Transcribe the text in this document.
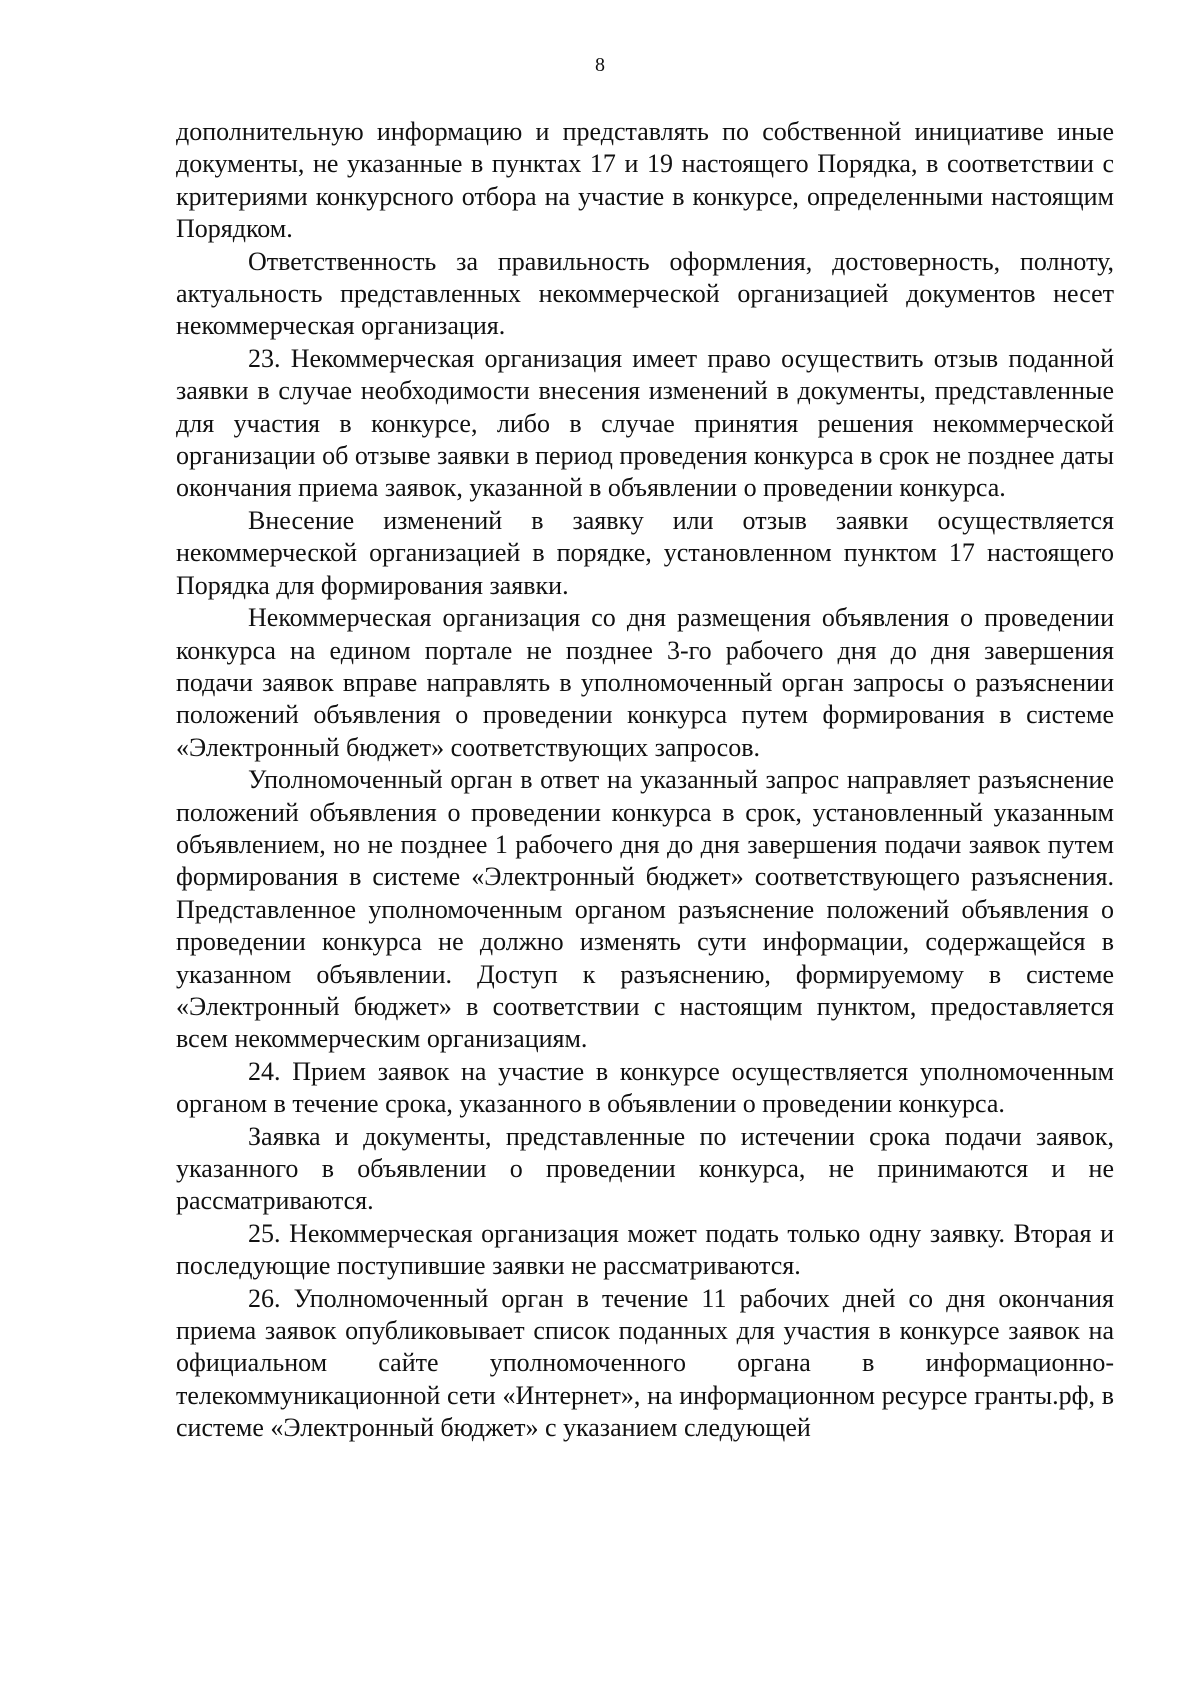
8

дополнительную информацию и представлять по собственной инициативе иные документы, не указанные в пунктах 17 и 19 настоящего Порядка, в соответствии с критериями конкурсного отбора на участие в конкурсе, определенными настоящим Порядком.

Ответственность за правильность оформления, достоверность, полноту, актуальность представленных некоммерческой организацией документов несет некоммерческая организация.

23. Некоммерческая организация имеет право осуществить отзыв поданной заявки в случае необходимости внесения изменений в документы, представленные для участия в конкурсе, либо в случае принятия решения некоммерческой организации об отзыве заявки в период проведения конкурса в срок не позднее даты окончания приема заявок, указанной в объявлении о проведении конкурса.

Внесение изменений в заявку или отзыв заявки осуществляется некоммерческой организацией в порядке, установленном пунктом 17 настоящего Порядка для формирования заявки.

Некоммерческая организация со дня размещения объявления о проведении конкурса на едином портале не позднее 3-го рабочего дня до дня завершения подачи заявок вправе направлять в уполномоченный орган запросы о разъяснении положений объявления о проведении конкурса путем формирования в системе «Электронный бюджет» соответствующих запросов.

Уполномоченный орган в ответ на указанный запрос направляет разъяснение положений объявления о проведении конкурса в срок, установленный указанным объявлением, но не позднее 1 рабочего дня до дня завершения подачи заявок путем формирования в системе «Электронный бюджет» соответствующего разъяснения. Представленное уполномоченным органом разъяснение положений объявления о проведении конкурса не должно изменять сути информации, содержащейся в указанном объявлении. Доступ к разъяснению, формируемому в системе «Электронный бюджет» в соответствии с настоящим пунктом, предоставляется всем некоммерческим организациям.

24. Прием заявок на участие в конкурсе осуществляется уполномоченным органом в течение срока, указанного в объявлении о проведении конкурса.

Заявка и документы, представленные по истечении срока подачи заявок, указанного в объявлении о проведении конкурса, не принимаются и не рассматриваются.

25. Некоммерческая организация может подать только одну заявку. Вторая и последующие поступившие заявки не рассматриваются.

26. Уполномоченный орган в течение 11 рабочих дней со дня окончания приема заявок опубликовывает список поданных для участия в конкурсе заявок на официальном сайте уполномоченного органа в информационно-телекоммуникационной сети «Интернет», на информационном ресурсе гранты.рф, в системе «Электронный бюджет» с указанием следующей
